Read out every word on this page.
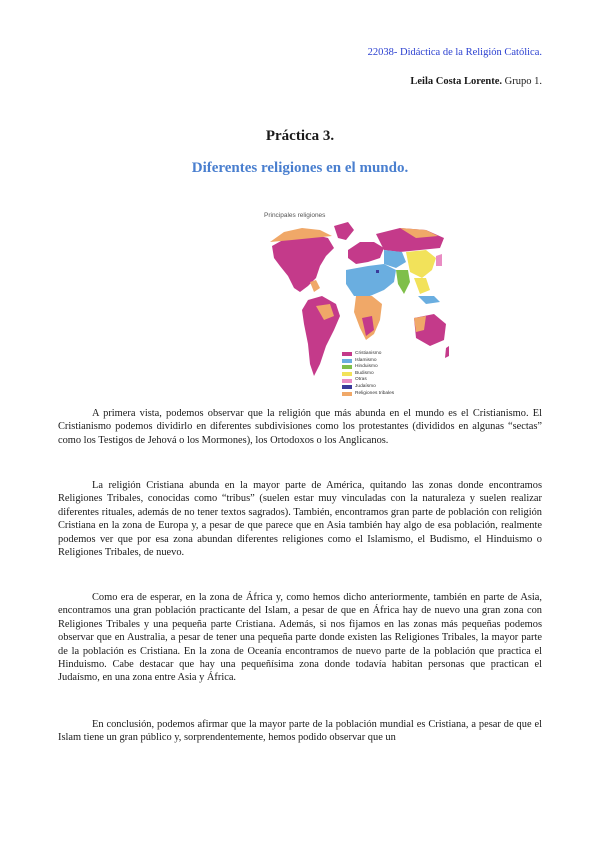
22038- Didáctica de la Religión Católica.
Leila Costa Lorente. Grupo 1.
Práctica 3.
Diferentes religiones en el mundo.
Principales religiones
Cristianismo
Islamismo
Hinduismo
Budismo
Otras
Judaísmo
Religiones tribales

A primera vista, podemos observar que la religión que más abunda en el mundo es el Cristianismo. El Cristianismo podemos dividirlo en diferentes subdivisiones como los protestantes (divididos en algunas “sectas” como los Testigos de Jehová o los Mormones), los Ortodoxos o los Anglicanos.

La religión Cristiana abunda en la mayor parte de América, quitando las zonas donde encontramos Religiones Tribales, conocidas como “tribus” (suelen estar muy vinculadas con la naturaleza y suelen realizar diferentes rituales, además de no tener textos sagrados). También, encontramos gran parte de población con religión Cristiana en la zona de Europa y, a pesar de que parece que en Asia también hay algo de esa población, realmente podemos ver que por esa zona abundan diferentes religiones como el Islamismo, el Budismo, el Hinduismo o Religiones Tribales, de nuevo.

Como era de esperar, en la zona de África y, como hemos dicho anteriormente, también en parte de Asia, encontramos una gran población practicante del Islam, a pesar de que en África hay de nuevo una gran zona con Religiones Tribales y una pequeña parte Cristiana. Además, si nos fijamos en las zonas más pequeñas podemos observar que en Australia, a pesar de tener una pequeña parte donde existen las Religiones Tribales, la mayor parte de la población es Cristiana. En la zona de Oceanía encontramos de nuevo parte de la población que practica el Hinduismo. Cabe destacar que hay una pequeñísima zona donde todavía habitan personas que practican el Judaísmo, en una zona entre Asia y África.

En conclusión, podemos afirmar que la mayor parte de la población mundial es Cristiana, a pesar de que el Islam tiene un gran público y, sorprendentemente, hemos podido observar que un
